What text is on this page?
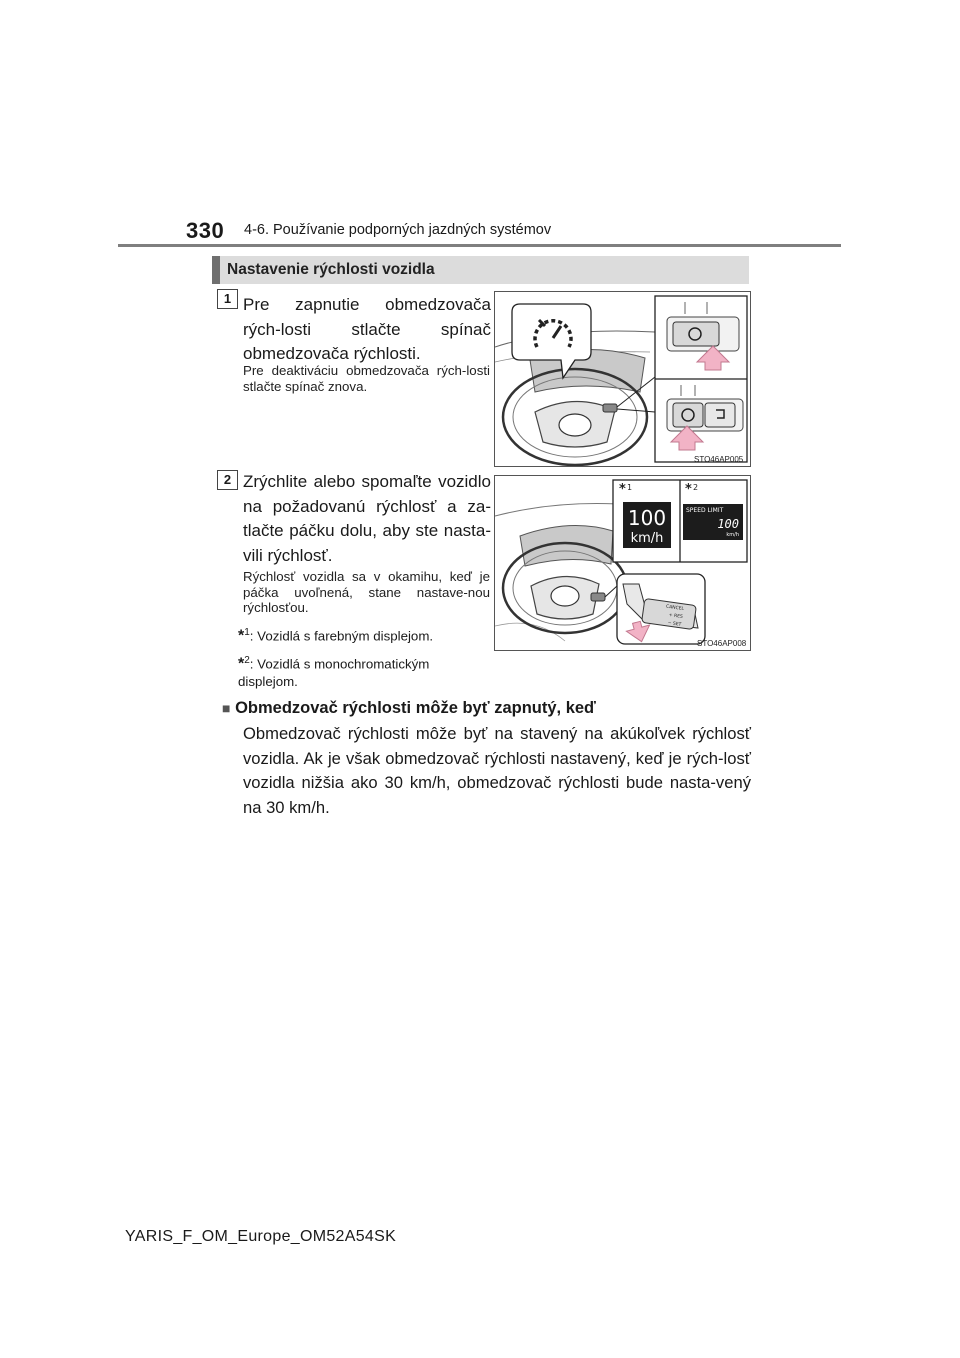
330 4-6. Používanie podporných jazdných systémov
Nastavenie rýchlosti vozidla
1 Pre zapnutie obmedzovača rých-losti stlačte spínač obmedzovača rýchlosti.
Pre deaktiváciu obmedzovača rých-losti stlačte spínač znova.
STO46AP005
2 Zrýchlite alebo spomaľte vozidlo na požadovanú rýchlosť a za-tlačte páčku dolu, aby ste nasta-vili rýchlosť.
Rýchlosť vozidla sa v okamihu, keď je páčka uvoľnená, stane nastave-nou rýchlosťou.
*$^1$: Vozidlá s farebným displejom.
*$^2$: Vozidlá s monochromatickým displejom.
* 1	* 2
100
km/h
SPEED LIMIT
100
km/h
CANCEL
+ RES
− SET
STO46AP008
■ Obmedzovač rýchlosti môže byť zapnutý, keď
Obmedzovač rýchlosti môže byť na stavený na akúkoľvek rýchlosť vozidla. Ak je však obmedzovač rýchlosti nastavený, keď je rých-losť vozidla nižšia ako 30 km/h, obmedzovač rýchlosti bude nasta-vený na 30 km/h.
YARIS_F_OM_Europe_OM52A54SK
